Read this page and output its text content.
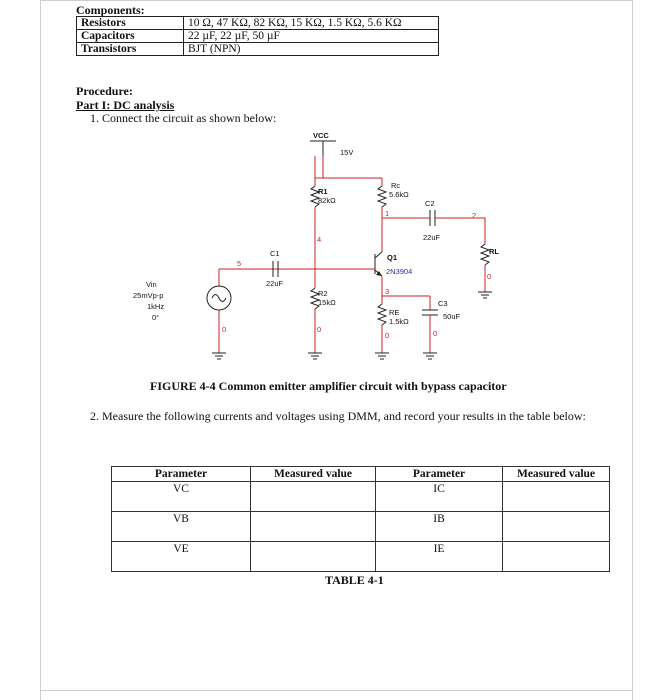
Components:
Resistors	10 Ω, 47 KΩ, 82 KΩ, 15 KΩ, 1.5 KΩ, 5.6 KΩ
Capacitors	22 µF, 22 µF, 50 µF
Transistors	BJT (NPN)
Procedure:
Part I: DC analysis
1. Connect the circuit as shown below:
VCC
15V
R1
82kΩ
Rc
5.6kΩ
C2
22uF
RL
C1
22uF
Q1
2N3904
R2
15kΩ
RE
1.5kΩ
C3
50uF
Vin
25mVp-p
1kHz
0°
1	2
3
4
5
0
0	0
0	0
FIGURE 4-4 Common emitter amplifier circuit with bypass capacitor
2. Measure the following currents and voltages using DMM, and record your results in the table below:
Parameter	Measured value	Parameter	Measured value
VC		IC	
VB		IB	
VE		IE	
TABLE 4-1
